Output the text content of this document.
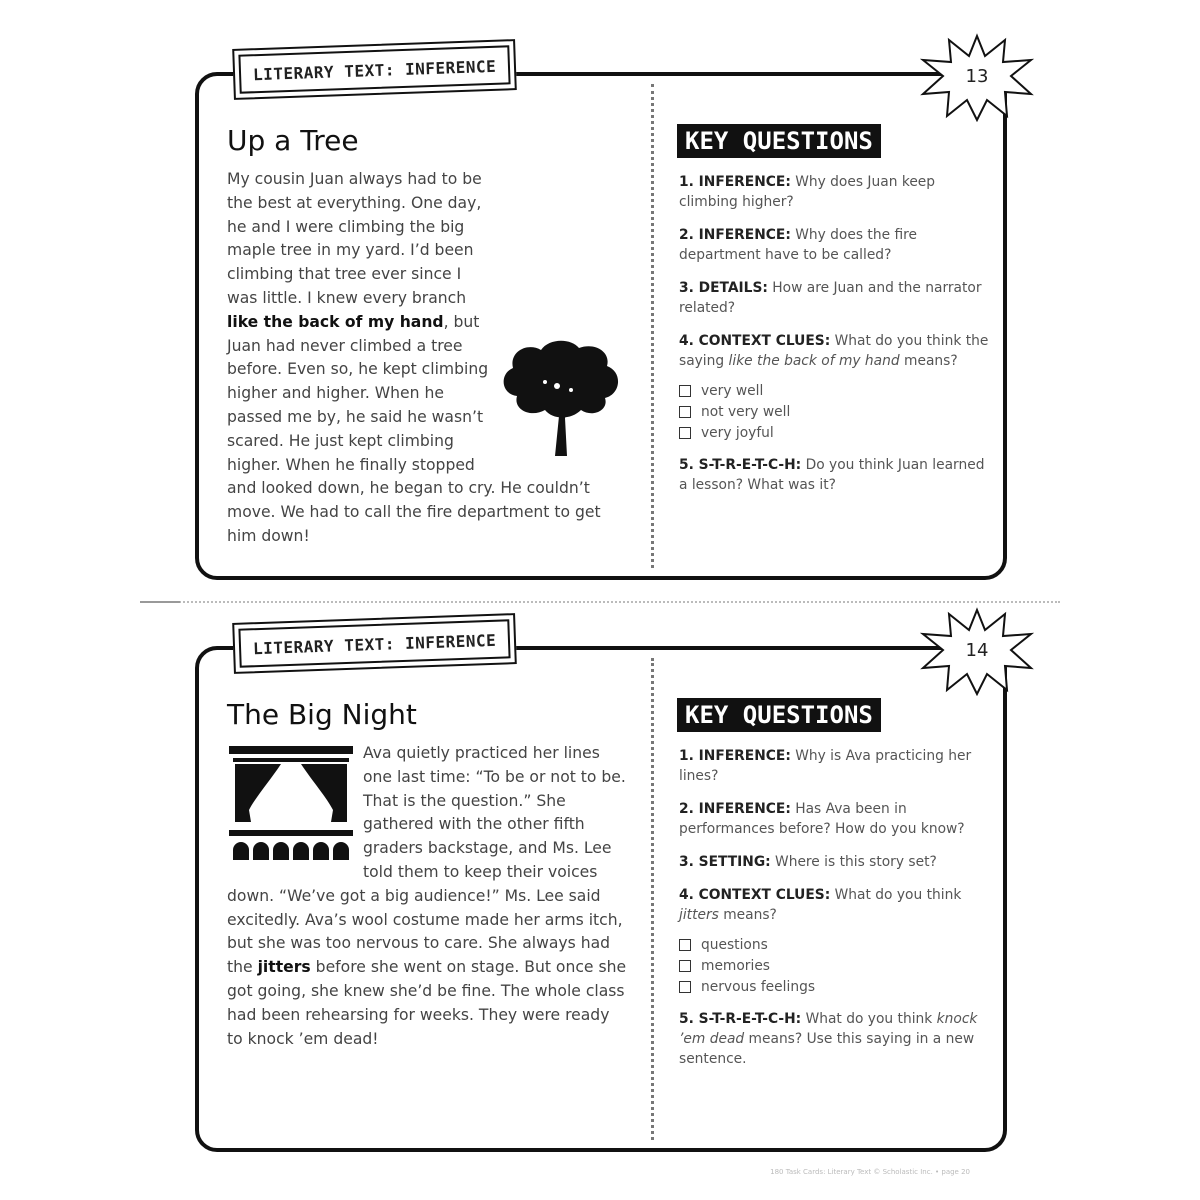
LITERARY TEXT: INFERENCE	13
Up a Tree
My cousin Juan always had to be the best at everything. One day, he and I were climbing the big maple tree in my yard. I’d been climbing that tree ever since I was little. I knew every branch like the back of my hand, but Juan had never climbed a tree before. Even so, he kept climbing higher and higher. When he passed me by, he said he wasn’t scared. He just kept climbing higher. When he finally stopped and looked down, he began to cry. He couldn’t move. We had to call the fire department to get him down!
KEY QUESTIONS

1. INFERENCE: Why does Juan keep climbing higher?

2. INFERENCE: Why does the fire department have to be called?

3. DETAILS: How are Juan and the narrator related?

4. CONTEXT CLUES: What do you think the saying like the back of my hand means?

very well
not very well
very joyful

5. S-T-R-E-T-C-H: Do you think Juan learned a lesson? What was it?

LITERARY TEXT: INFERENCE	14
The Big Night
Ava quietly practiced her lines one last time: “To be or not to be. That is the question.” She gathered with the other fifth graders backstage, and Ms. Lee told them to keep their voices down. “We’ve got a big audience!” Ms. Lee said excitedly. Ava’s wool costume made her arms itch, but she was too nervous to care. She always had the jitters before she went on stage. But once she got going, she knew she’d be fine. The whole class had been rehearsing for weeks. They were ready to knock ’em dead!
KEY QUESTIONS

1. INFERENCE: Why is Ava practicing her lines?

2. INFERENCE: Has Ava been in performances before? How do you know?

3. SETTING: Where is this story set?

4. CONTEXT CLUES: What do you think jitters means?

questions
memories
nervous feelings

5. S-T-R-E-T-C-H: What do you think knock ’em dead means? Use this saying in a new sentence.

180 Task Cards: Literary Text © Scholastic Inc. • page 20
